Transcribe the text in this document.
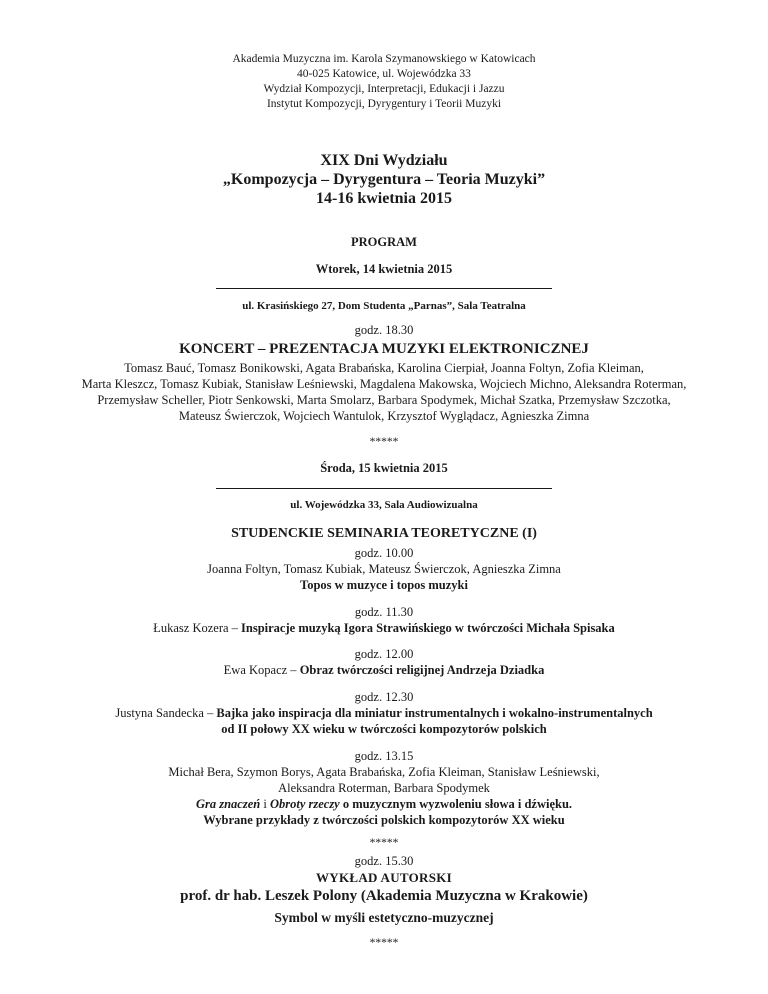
Akademia Muzyczna im. Karola Szymanowskiego w Katowicach
40-025 Katowice, ul. Wojewódzka 33
Wydział Kompozycji, Interpretacji, Edukacji i Jazzu
Instytut Kompozycji, Dyrygentury i Teorii Muzyki
XIX Dni Wydziału
„Kompozycja – Dyrygentura – Teoria Muzyki”
14-16 kwietnia 2015
PROGRAM
Wtorek, 14 kwietnia 2015
ul. Krasińskiego 27, Dom Studenta „Parnas”, Sala Teatralna
godz. 18.30
KONCERT – PREZENTACJA MUZYKI ELEKTRONICZNEJ
Tomasz Bauć, Tomasz Bonikowski, Agata Brabańska, Karolina Cierpiał, Joanna Foltyn, Zofia Kleiman,
Marta Kleszcz, Tomasz Kubiak, Stanisław Leśniewski, Magdalena Makowska, Wojciech Michno, Aleksandra Roterman,
Przemysław Scheller, Piotr Senkowski, Marta Smolarz, Barbara Spodymek, Michał Szatka, Przemysław Szczotka,
Mateusz Świerczok, Wojciech Wantulok, Krzysztof Wyglądacz, Agnieszka Zimna
*****
Środa, 15 kwietnia 2015
ul. Wojewódzka 33, Sala Audiowizualna
STUDENCKIE SEMINARIA TEORETYCZNE (I)
godz. 10.00
Joanna Foltyn, Tomasz Kubiak, Mateusz Świerczok, Agnieszka Zimna
Topos w muzyce i topos muzyki
godz. 11.30
Łukasz Kozera – Inspiracje muzyką Igora Strawińskiego w twórczości Michała Spisaka
godz. 12.00
Ewa Kopacz – Obraz twórczości religijnej Andrzeja Dziadka
godz. 12.30
Justyna Sandecka – Bajka jako inspiracja dla miniatur instrumentalnych i wokalno-instrumentalnych
od II połowy XX wieku w twórczości kompozytorów polskich
godz. 13.15
Michał Bera, Szymon Borys, Agata Brabańska, Zofia Kleiman, Stanisław Leśniewski,
Aleksandra Roterman, Barbara Spodymek
Gra znaczeń i Obroty rzeczy o muzycznym wyzwoleniu słowa i dźwięku.
Wybrane przykłady z twórczości polskich kompozytorów XX wieku
*****
godz. 15.30
WYKŁAD AUTORSKI
prof. dr hab. Leszek Polony (Akademia Muzyczna w Krakowie)
Symbol w myśli estetyczno-muzycznej
*****
